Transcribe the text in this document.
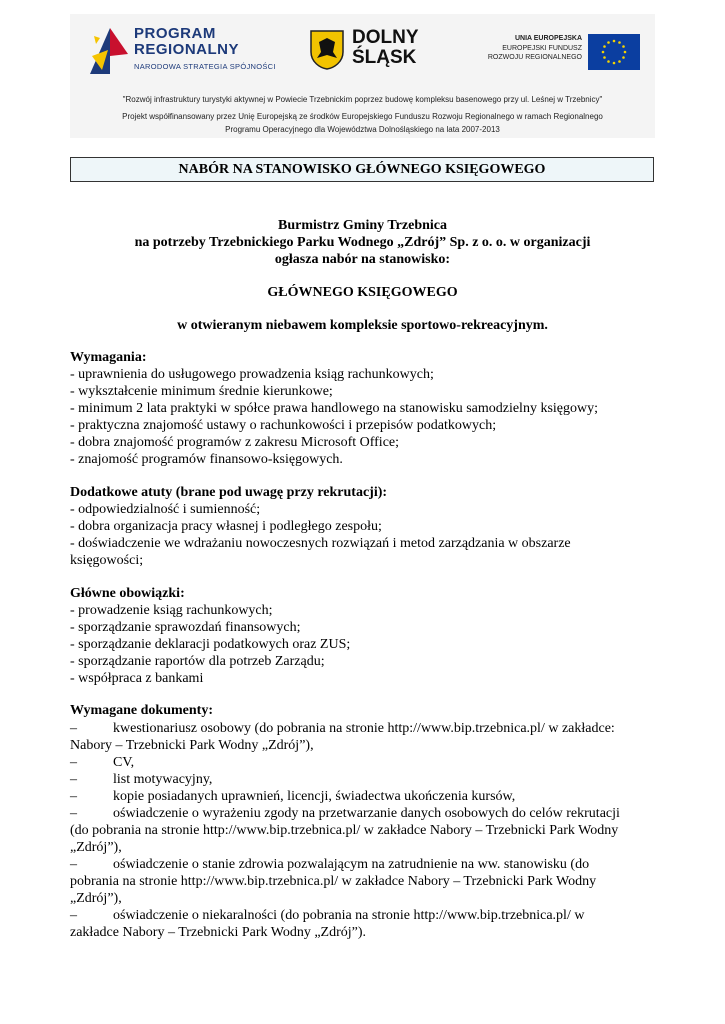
PROGRAM
REGIONALNY
NARODOWA STRATEGIA SPÓJNOŚCI
DOLNY
ŚLĄSK
UNIA EUROPEJSKA
EUROPEJSKI FUNDUSZ
ROZWOJU REGIONALNEGO
"Rozwój infrastruktury turystyki aktywnej w Powiecie Trzebnickim poprzez budowę kompleksu basenowego przy ul. Leśnej w Trzebnicy"
Projekt współfinansowany przez Unię Europejską ze środków Europejskiego Funduszu Rozwoju Regionalnego w ramach Regionalnego
Programu Operacyjnego dla Województwa Dolnośląskiego na lata 2007-2013
NABÓR NA STANOWISKO GŁÓWNEGO KSIĘGOWEGO
Burmistrz Gminy Trzebnica
na potrzeby Trzebnickiego Parku Wodnego „Zdrój” Sp. z o. o. w organizacji
ogłasza nabór na stanowisko:
GŁÓWNEGO KSIĘGOWEGO
w otwieranym niebawem kompleksie sportowo-rekreacyjnym.
Wymagania:
- uprawnienia do usługowego prowadzenia ksiąg rachunkowych;
- wykształcenie minimum średnie kierunkowe;
- minimum 2 lata praktyki w spółce prawa handlowego na stanowisku samodzielny księgowy;
- praktyczna znajomość ustawy o rachunkowości i przepisów podatkowych;
- dobra znajomość programów z zakresu Microsoft Office;
- znajomość programów finansowo-księgowych.
Dodatkowe atuty (brane pod uwagę przy rekrutacji):
- odpowiedzialność i sumienność;
- dobra organizacja pracy własnej i podległego zespołu;
- doświadczenie we wdrażaniu nowoczesnych rozwiązań i metod zarządzania w obszarze
księgowości;
Główne obowiązki:
- prowadzenie ksiąg rachunkowych;
- sporządzanie sprawozdań finansowych;
- sporządzanie deklaracji podatkowych oraz ZUS;
- sporządzanie raportów dla potrzeb Zarządu;
- współpraca z bankami
Wymagane dokumenty:
–	kwestionariusz osobowy (do pobrania na stronie http://www.bip.trzebnica.pl/ w zakładce:
Nabory – Trzebnicki Park Wodny „Zdrój”),
–	CV,
–	list motywacyjny,
–	kopie posiadanych uprawnień, licencji, świadectwa ukończenia kursów,
–	oświadczenie o wyrażeniu zgody na przetwarzanie danych osobowych do celów rekrutacji
(do pobrania na stronie http://www.bip.trzebnica.pl/ w zakładce Nabory – Trzebnicki Park Wodny
„Zdrój”),
–	oświadczenie o stanie zdrowia pozwalającym na zatrudnienie na ww. stanowisku (do
pobrania na stronie http://www.bip.trzebnica.pl/ w zakładce Nabory – Trzebnicki Park Wodny
„Zdrój”),
–	oświadczenie o niekaralności (do pobrania na stronie http://www.bip.trzebnica.pl/ w
zakładce Nabory – Trzebnicki Park Wodny „Zdrój”).
